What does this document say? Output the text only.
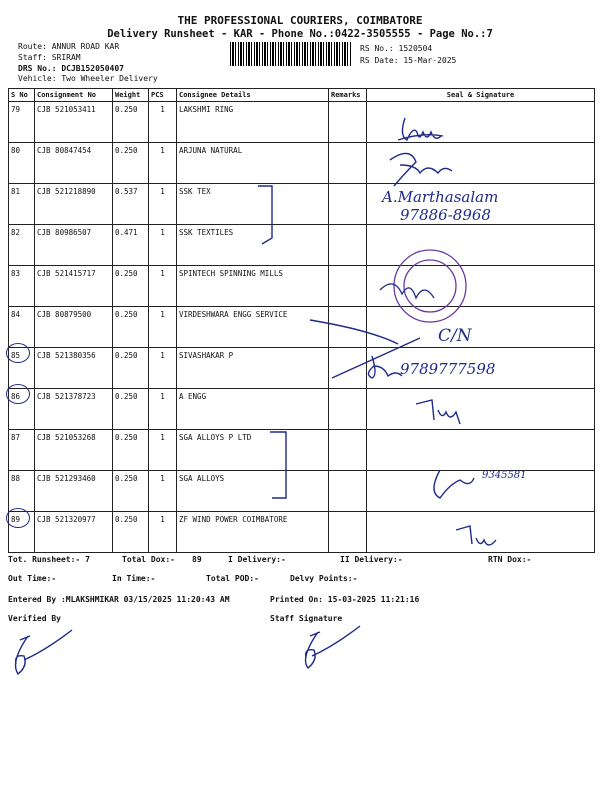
THE PROFESSIONAL COURIERS, COIMBATORE
Delivery Runsheet - KAR - Phone No.:0422-3505555 - Page No.:7
Route: ANNUR ROAD KAR
Staff: SRIRAM
DRS No.: DCJB152050407
Vehicle: Two Wheeler Delivery
RS No.: 1520504
RS Date: 15-Mar-2025
S No	Consignment No	Weight	PCS	Consignee Details	Remarks	Seal & Signature
79	CJB 521053411	0.250	1	LAKSHMI RING		
80	CJB 80847454	0.250	1	ARJUNA NATURAL		
81	CJB 521218890	0.537	1	SSK TEX		
82	CJB 80986507	0.471	1	SSK TEXTILES		
83	CJB 521415717	0.250	1	SPINTECH SPINNING MILLS		
84	CJB 80879500	0.250	1	VIRDESHWARA ENGG SERVICE		
85	CJB 521380356	0.250	1	SIVASHAKAR P		
86	CJB 521378723	0.250	1	A ENGG		
87	CJB 521053268	0.250	1	SGA ALLOYS P LTD		
88	CJB 521293460	0.250	1	SGA ALLOYS		
89	CJB 521320977	0.250	1	ZF WIND POWER COIMBATORE		
A.Marthasalam
97886-8968
C/N
9789777598
9345581
Tot. Runsheet:- 7	Total Dox:- 89	I Delivery:-	II Delivery:-	RTN Dox:-
Out Time:-	In Time:-	Total POD:-	Delvy Points:-
Entered By :MLAKSHMIKAR 03/15/2025 11:20:43 AM	Printed On: 15-03-2025 11:21:16
Verified By	Staff Signature
